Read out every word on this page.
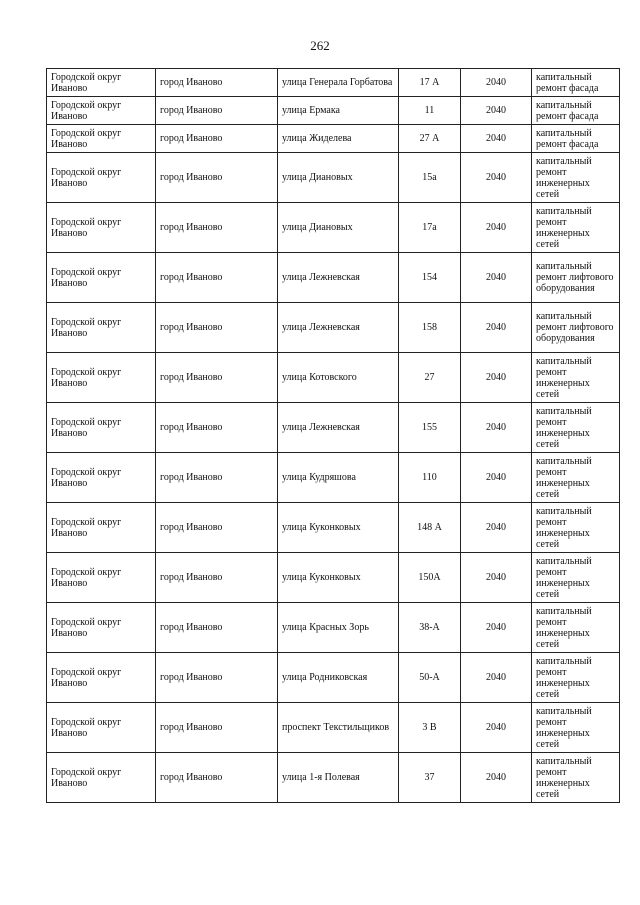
262
Городской округ Иваново	город Иваново	улица Генерала Горбатова	17 А	2040	капитальный ремонт фасада
Городской округ Иваново	город Иваново	улица Ермака	11	2040	капитальный ремонт фасада
Городской округ Иваново	город Иваново	улица Жиделева	27 А	2040	капитальный ремонт фасада
Городской округ Иваново	город Иваново	улица Диановых	15а	2040	капитальный ремонт инженерных сетей
Городской округ Иваново	город Иваново	улица Диановых	17а	2040	капитальный ремонт инженерных сетей
Городской округ Иваново	город Иваново	улица Лежневская	154	2040	капитальный ремонт лифтового оборудования
Городской округ Иваново	город Иваново	улица Лежневская	158	2040	капитальный ремонт лифтового оборудования
Городской округ Иваново	город Иваново	улица Котовского	27	2040	капитальный ремонт инженерных сетей
Городской округ Иваново	город Иваново	улица Лежневская	155	2040	капитальный ремонт инженерных сетей
Городской округ Иваново	город Иваново	улица Кудряшова	110	2040	капитальный ремонт инженерных сетей
Городской округ Иваново	город Иваново	улица Куконковых	148 А	2040	капитальный ремонт инженерных сетей
Городской округ Иваново	город Иваново	улица Куконковых	150А	2040	капитальный ремонт инженерных сетей
Городской округ Иваново	город Иваново	улица Красных Зорь	38-А	2040	капитальный ремонт инженерных сетей
Городской округ Иваново	город Иваново	улица Родниковская	50-А	2040	капитальный ремонт инженерных сетей
Городской округ Иваново	город Иваново	проспект Текстильщиков	3 В	2040	капитальный ремонт инженерных сетей
Городской округ Иваново	город Иваново	улица 1-я Полевая	37	2040	капитальный ремонт инженерных сетей
